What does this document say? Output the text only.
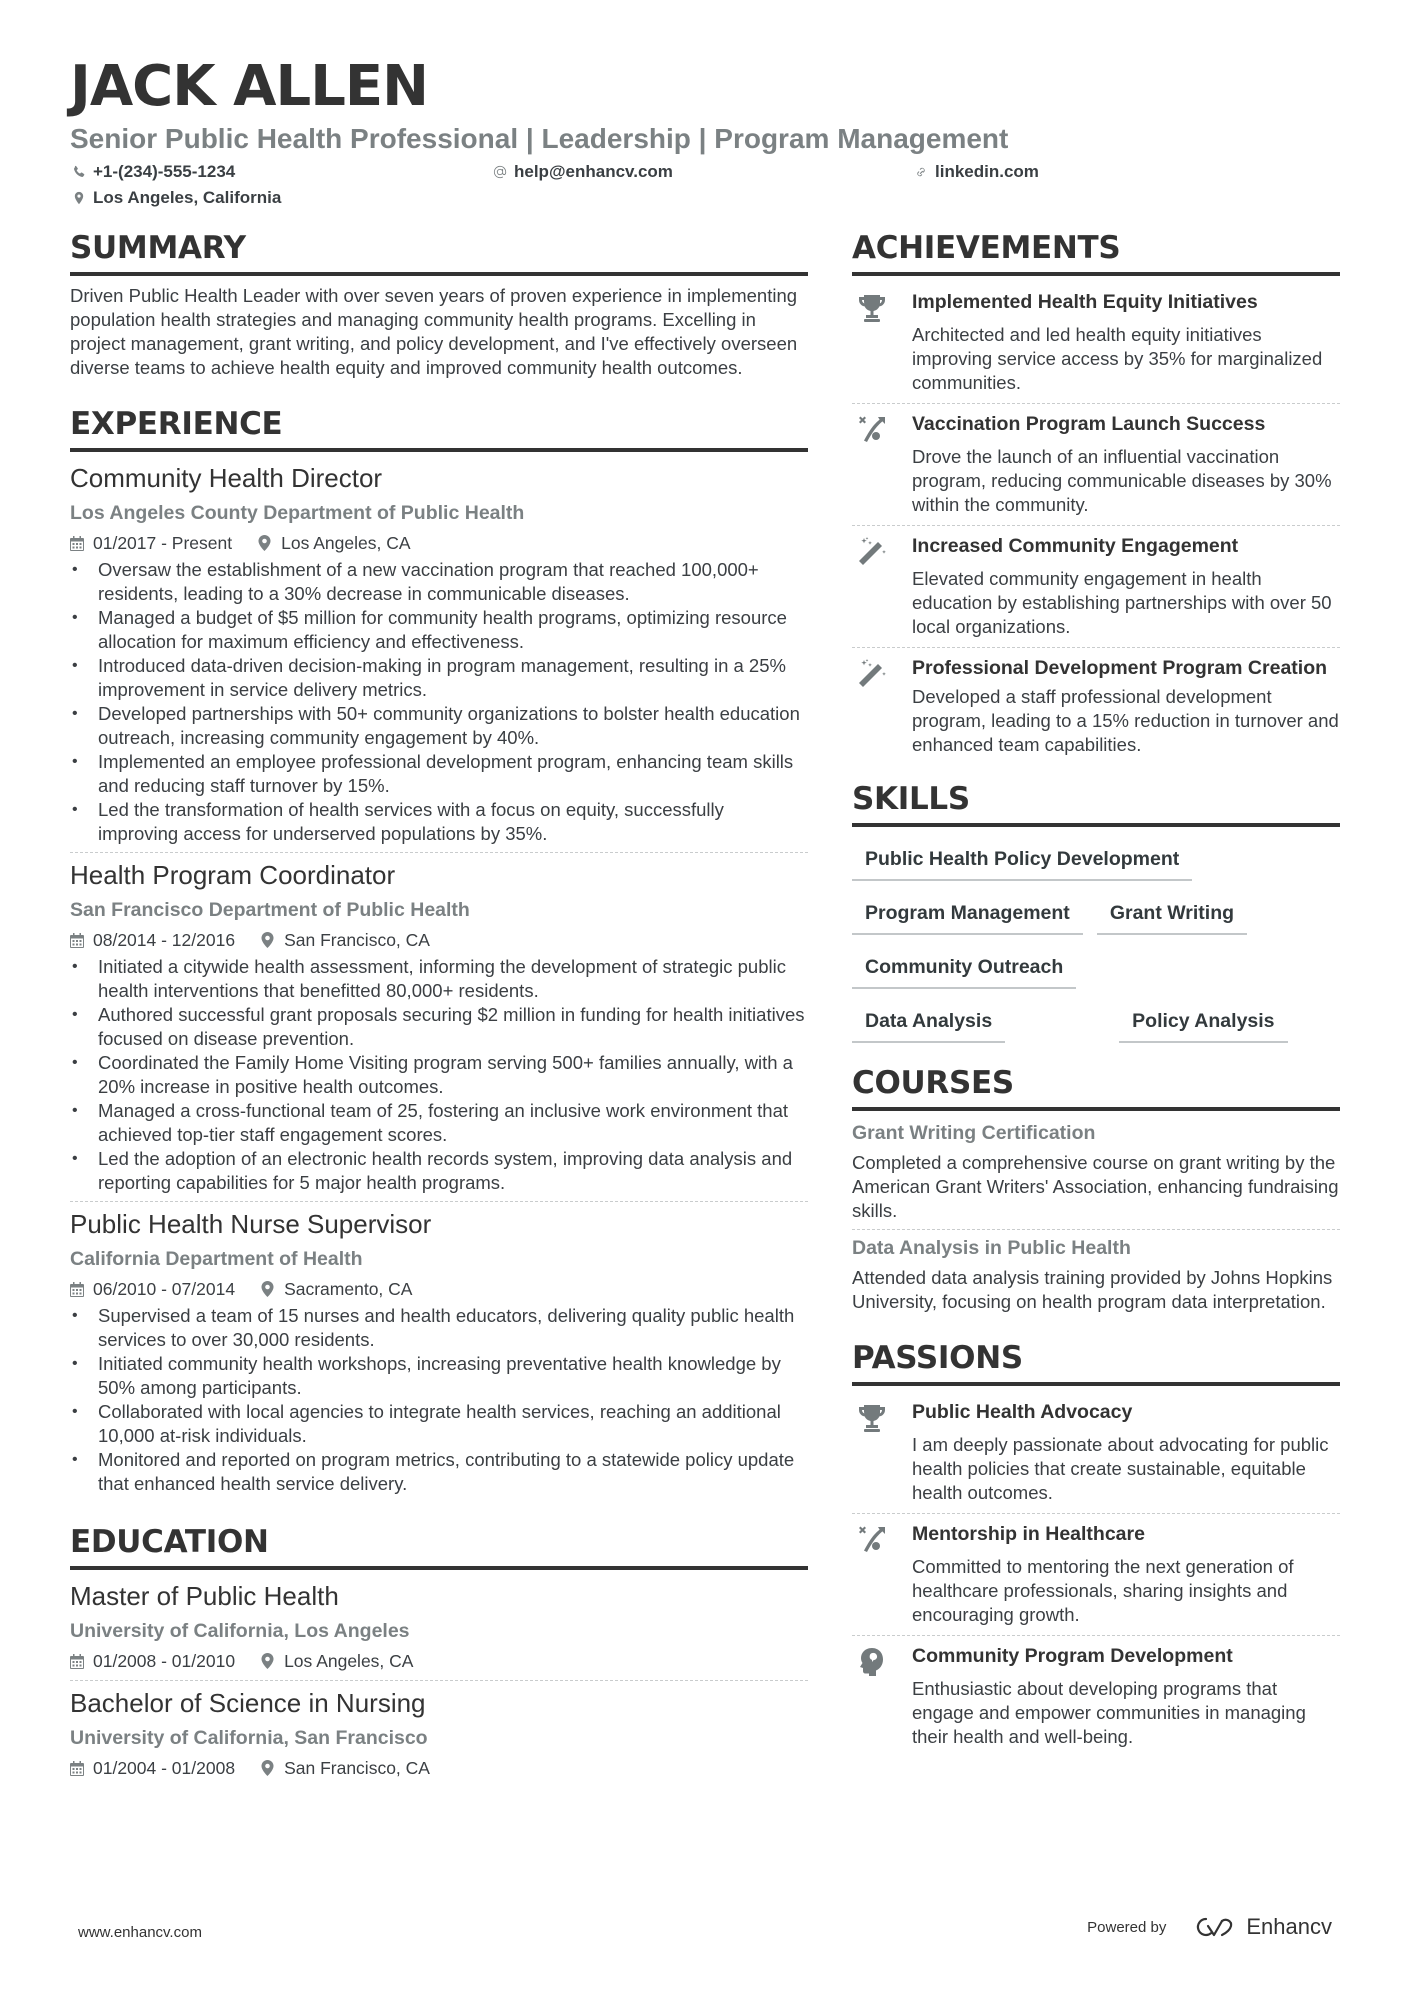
JACK ALLEN
Senior Public Health Professional | Leadership | Program Management
+1-(234)-555-1234	help@enhancv.com	linkedin.com
Los Angeles, California
SUMMARY
Driven Public Health Leader with over seven years of proven experience in implementing population health strategies and managing community health programs. Excelling in project management, grant writing, and policy development, and I've effectively overseen diverse teams to achieve health equity and improved community health outcomes.
EXPERIENCE
Community Health Director
Los Angeles County Department of Public Health
01/2017 - Present	Los Angeles, CA
• Oversaw the establishment of a new vaccination program that reached 100,000+ residents, leading to a 30% decrease in communicable diseases.
• Managed a budget of $5 million for community health programs, optimizing resource allocation for maximum efficiency and effectiveness.
• Introduced data-driven decision-making in program management, resulting in a 25% improvement in service delivery metrics.
• Developed partnerships with 50+ community organizations to bolster health education outreach, increasing community engagement by 40%.
• Implemented an employee professional development program, enhancing team skills and reducing staff turnover by 15%.
• Led the transformation of health services with a focus on equity, successfully improving access for underserved populations by 35%.
Health Program Coordinator
San Francisco Department of Public Health
08/2014 - 12/2016	San Francisco, CA
• Initiated a citywide health assessment, informing the development of strategic public health interventions that benefitted 80,000+ residents.
• Authored successful grant proposals securing $2 million in funding for health initiatives focused on disease prevention.
• Coordinated the Family Home Visiting program serving 500+ families annually, with a 20% increase in positive health outcomes.
• Managed a cross-functional team of 25, fostering an inclusive work environment that achieved top-tier staff engagement scores.
• Led the adoption of an electronic health records system, improving data analysis and reporting capabilities for 5 major health programs.
Public Health Nurse Supervisor
California Department of Health
06/2010 - 07/2014	Sacramento, CA
• Supervised a team of 15 nurses and health educators, delivering quality public health services to over 30,000 residents.
• Initiated community health workshops, increasing preventative health knowledge by 50% among participants.
• Collaborated with local agencies to integrate health services, reaching an additional 10,000 at-risk individuals.
• Monitored and reported on program metrics, contributing to a statewide policy update that enhanced health service delivery.
EDUCATION
Master of Public Health
University of California, Los Angeles
01/2008 - 01/2010	Los Angeles, CA
Bachelor of Science in Nursing
University of California, San Francisco
01/2004 - 01/2008	San Francisco, CA
ACHIEVEMENTS
Implemented Health Equity Initiatives
Architected and led health equity initiatives improving service access by 35% for marginalized communities.
Vaccination Program Launch Success
Drove the launch of an influential vaccination program, reducing communicable diseases by 30% within the community.
Increased Community Engagement
Elevated community engagement in health education by establishing partnerships with over 50 local organizations.
Professional Development Program Creation
Developed a staff professional development program, leading to a 15% reduction in turnover and enhanced team capabilities.
SKILLS
Public Health Policy Development
Program Management	Grant Writing
Community Outreach
Data Analysis	Policy Analysis
COURSES
Grant Writing Certification
Completed a comprehensive course on grant writing by the American Grant Writers' Association, enhancing fundraising skills.
Data Analysis in Public Health
Attended data analysis training provided by Johns Hopkins University, focusing on health program data interpretation.
PASSIONS
Public Health Advocacy
I am deeply passionate about advocating for public health policies that create sustainable, equitable health outcomes.
Mentorship in Healthcare
Committed to mentoring the next generation of healthcare professionals, sharing insights and encouraging growth.
Community Program Development
Enthusiastic about developing programs that engage and empower communities in managing their health and well-being.
www.enhancv.com	Powered by	Enhancv
